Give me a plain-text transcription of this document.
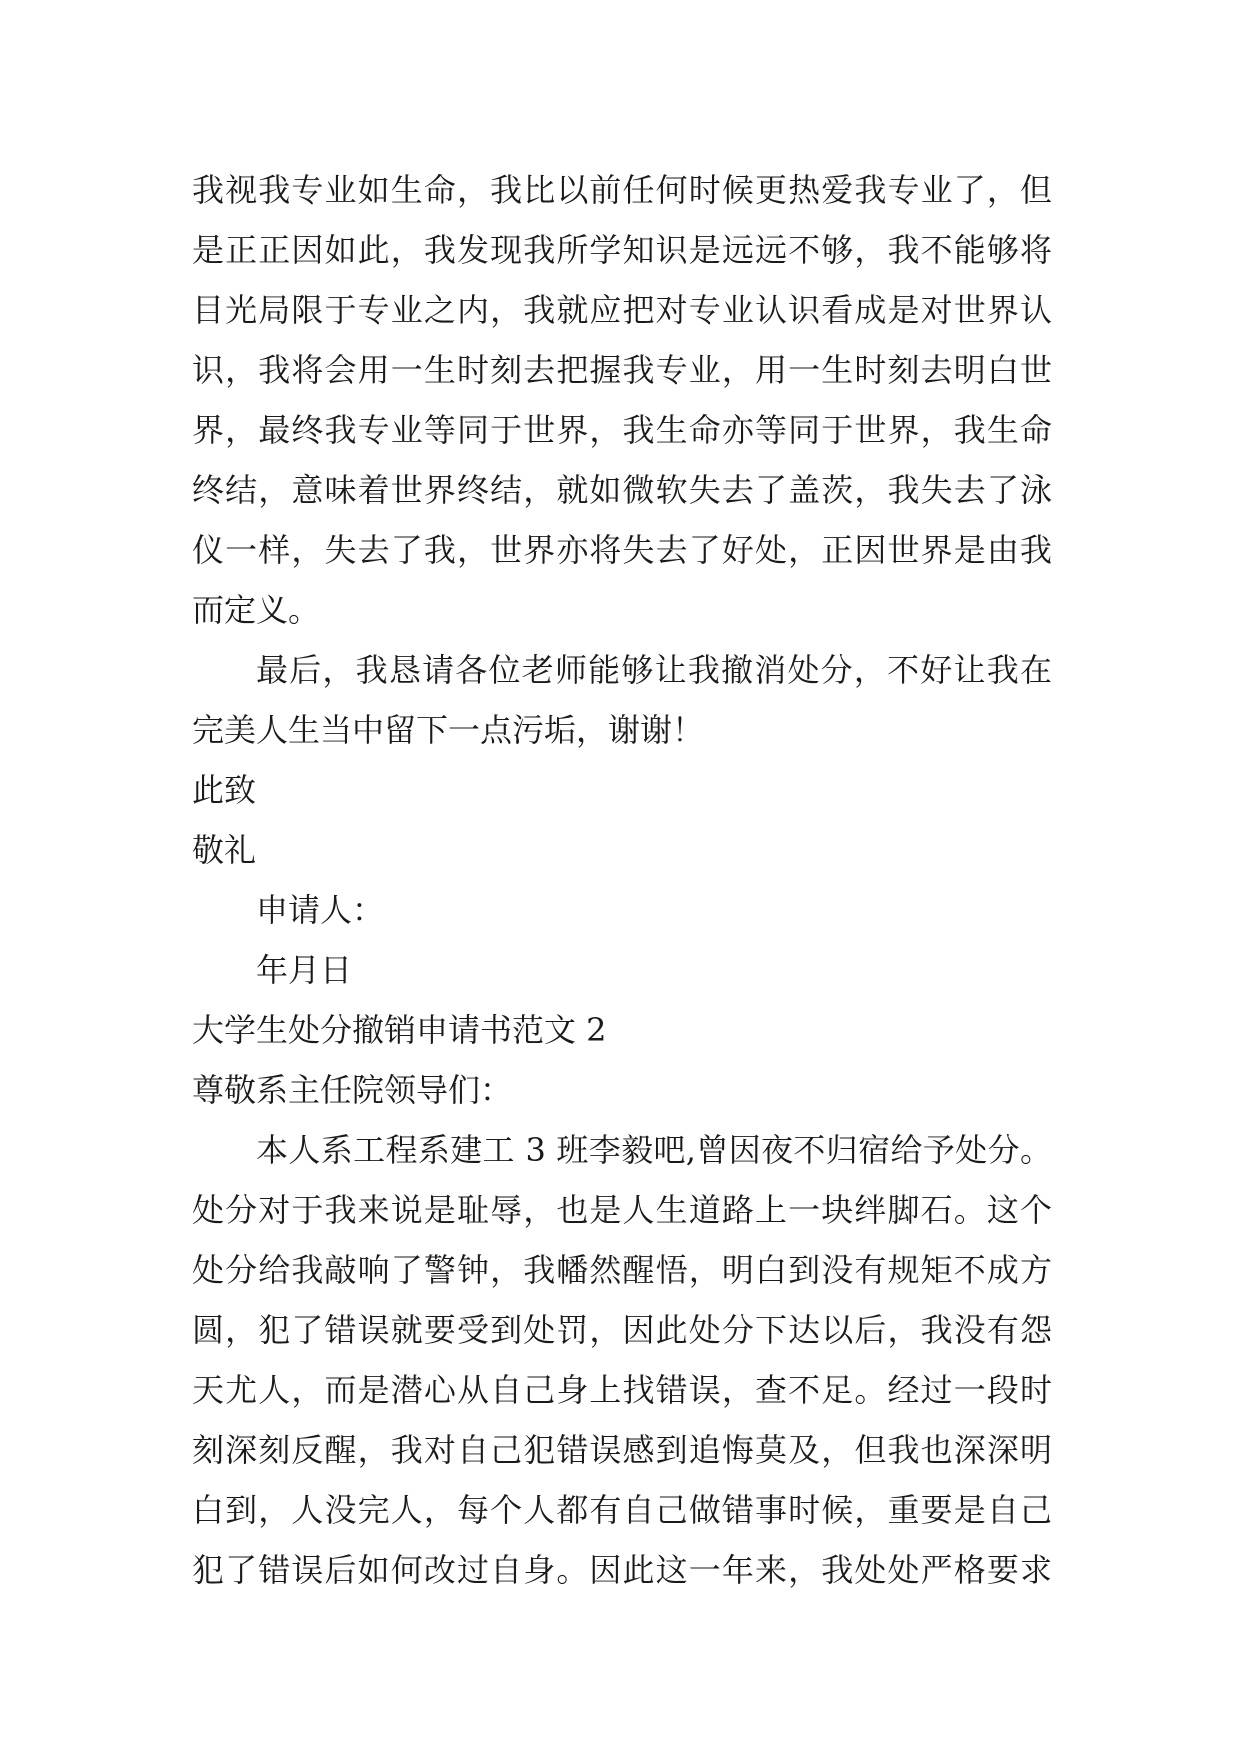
我视我专业如生命，我比以前任何时候更热爱我专业了，但
是正正因如此，我发现我所学知识是远远不够，我不能够将
目光局限于专业之内，我就应把对专业认识看成是对世界认
识，我将会用一生时刻去把握我专业，用一生时刻去明白世
界，最终我专业等同于世界，我生命亦等同于世界，我生命
终结，意味着世界终结，就如微软失去了盖茨，我失去了泳
仪一样，失去了我，世界亦将失去了好处，正因世界是由我
而定义。
最后，我恳请各位老师能够让我撤消处分，不好让我在
完美人生当中留下一点污垢，谢谢！
此致
敬礼
申请人：
年月日
大学生处分撤销申请书范文 2
尊敬系主任院领导们：
本人系工程系建工 3 班李毅吧,曾因夜不归宿给予处分。
处分对于我来说是耻辱，也是人生道路上一块绊脚石。这个
处分给我敲响了警钟，我幡然醒悟，明白到没有规矩不成方
圆，犯了错误就要受到处罚，因此处分下达以后，我没有怨
天尤人，而是潜心从自己身上找错误，查不足。经过一段时
刻深刻反醒，我对自己犯错误感到追悔莫及，但我也深深明
白到，人没完人，每个人都有自己做错事时候，重要是自己
犯了错误后如何改过自身。因此这一年来，我处处严格要求
